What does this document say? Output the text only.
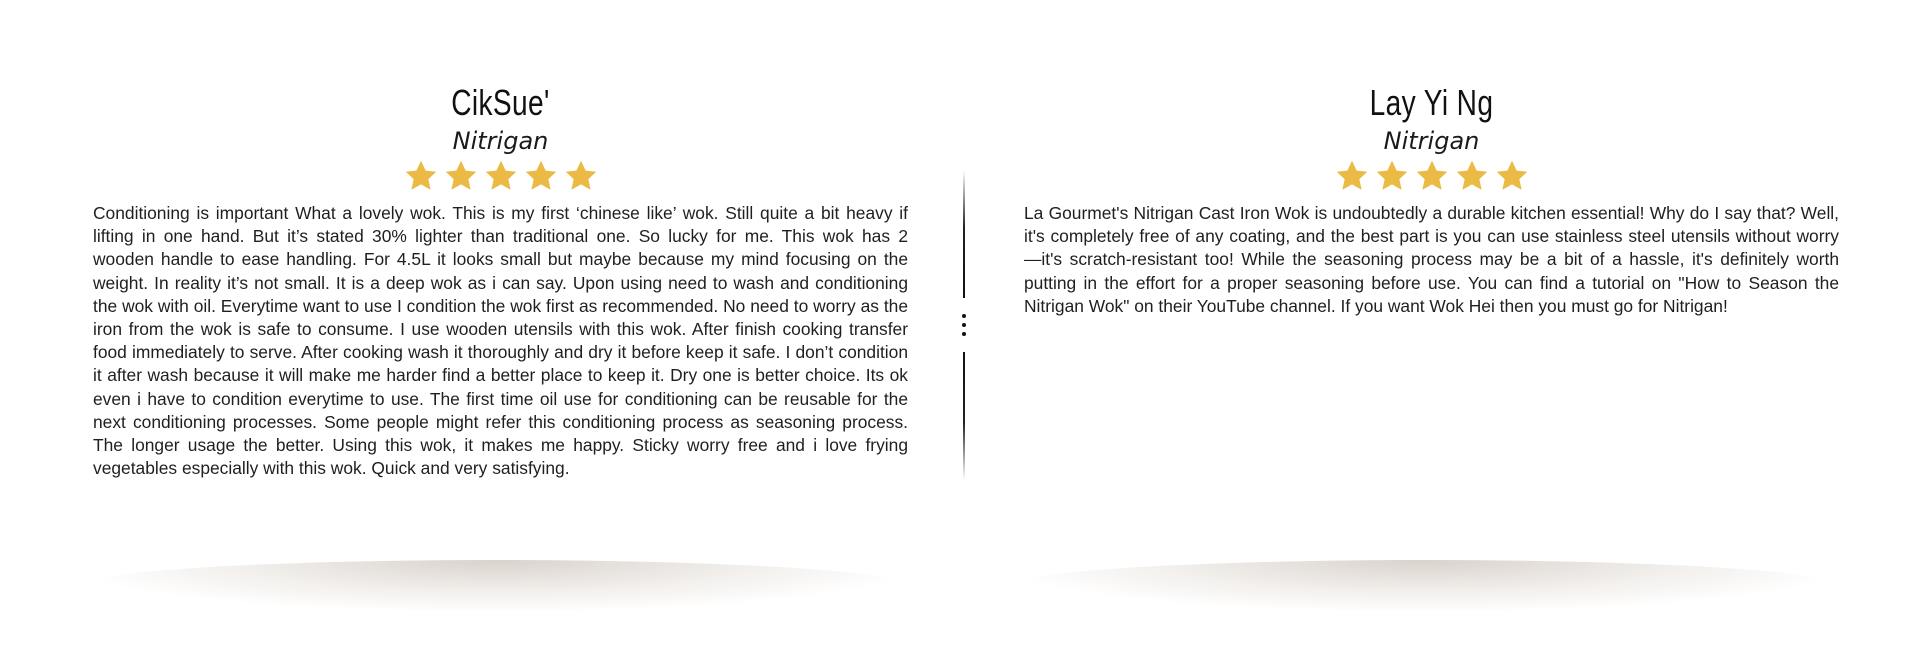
CikSue'
Nitrigan
Conditioning is important What a lovely wok. This is my first ‘chinese like’ wok. Still quite a bit heavy if lifting in one hand. But it’s stated 30% lighter than traditional one. So lucky for me. This wok has 2 wooden handle to ease handling. For 4.5L it looks small but maybe because my mind focusing on the weight. In reality it’s not small. It is a deep wok as i can say. Upon using need to wash and conditioning the wok with oil. Everytime want to use I condition the wok first as recommended. No need to worry as the iron from the wok is safe to consume. I use wooden utensils with this wok. After finish cooking transfer food immediately to serve. After cooking wash it thoroughly and dry it before keep it safe. I don’t condition it after wash because it will make me harder find a better place to keep it. Dry one is better choice. Its ok even i have to condition everytime to use. The first time oil use for conditioning can be reusable for the next conditioning processes. Some people might refer this conditioning process as seasoning process. The longer usage the better. Using this wok, it makes me happy. Sticky worry free and i love frying vegetables especially with this wok. Quick and very satisfying.
Lay Yi Ng
Nitrigan
La Gourmet's Nitrigan Cast Iron Wok is undoubtedly a durable kitchen essential! Why do I say that? Well, it's completely free of any coating, and the best part is you can use stainless steel utensils without worry—it's scratch-resistant too! While the seasoning process may be a bit of a hassle, it's definitely worth putting in the effort for a proper seasoning before use. You can find a tutorial on "How to Season the Nitrigan Wok" on their YouTube channel. If you want Wok Hei then you must go for Nitrigan!
